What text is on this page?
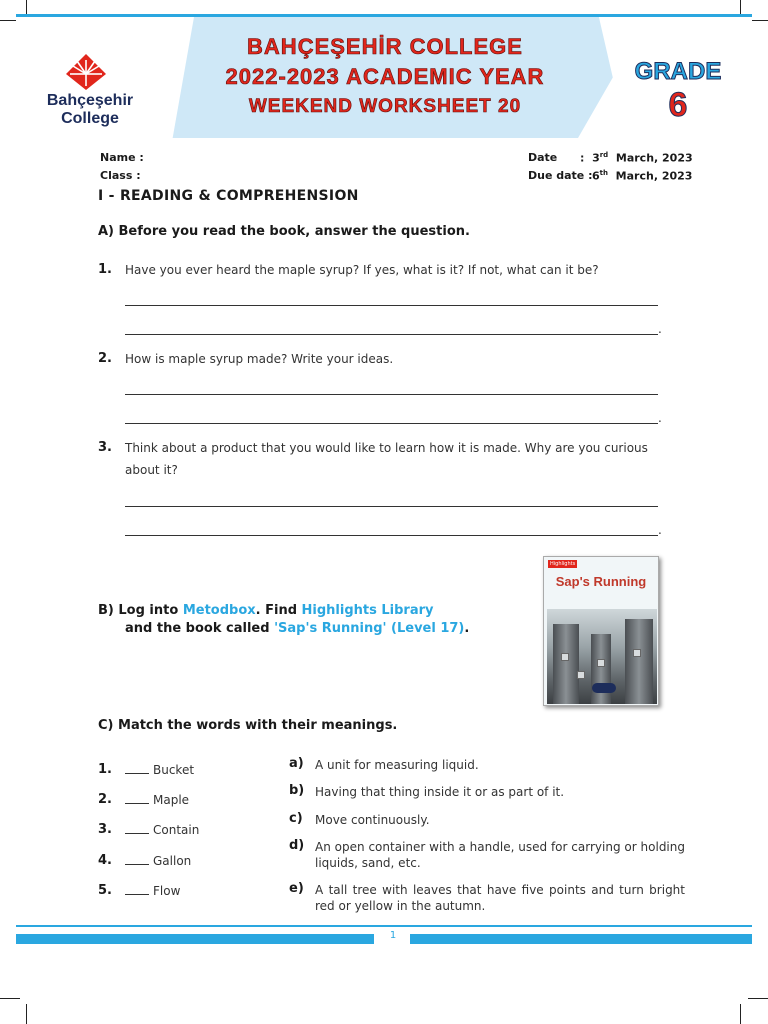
Bahçeşehir
College
BAHÇEŞEHİR COLLEGE
2022-2023 ACADEMIC YEAR
WEEKEND WORKSHEET 20
GRADE
6
Name :
Class :
Date : 3rd March, 2023
Due date : 6th March, 2023
I - READING & COMPREHENSION
A) Before you read the book, answer the question.
1. Have you ever heard the maple syrup? If yes, what is it? If not, what can it be?
.
2. How is maple syrup made? Write your ideas.
.
3. Think about a product that you would like to learn how it is made. Why are you curious about it?
.
B) Log into Metodbox. Find Highlights Library
and the book called 'Sap's Running' (Level 17).
Highlights
Sap's Running
C) Match the words with their meanings.
1.	Bucket
2.	Maple
3.	Contain
4.	Gallon
5.	Flow
a) A unit for measuring liquid.
b) Having that thing inside it or as part of it.
c) Move continuously.
d) An open container with a handle, used for carrying or holding liquids, sand, etc.
e) A tall tree with leaves that have five points and turn bright red or yellow in the autumn.
1
